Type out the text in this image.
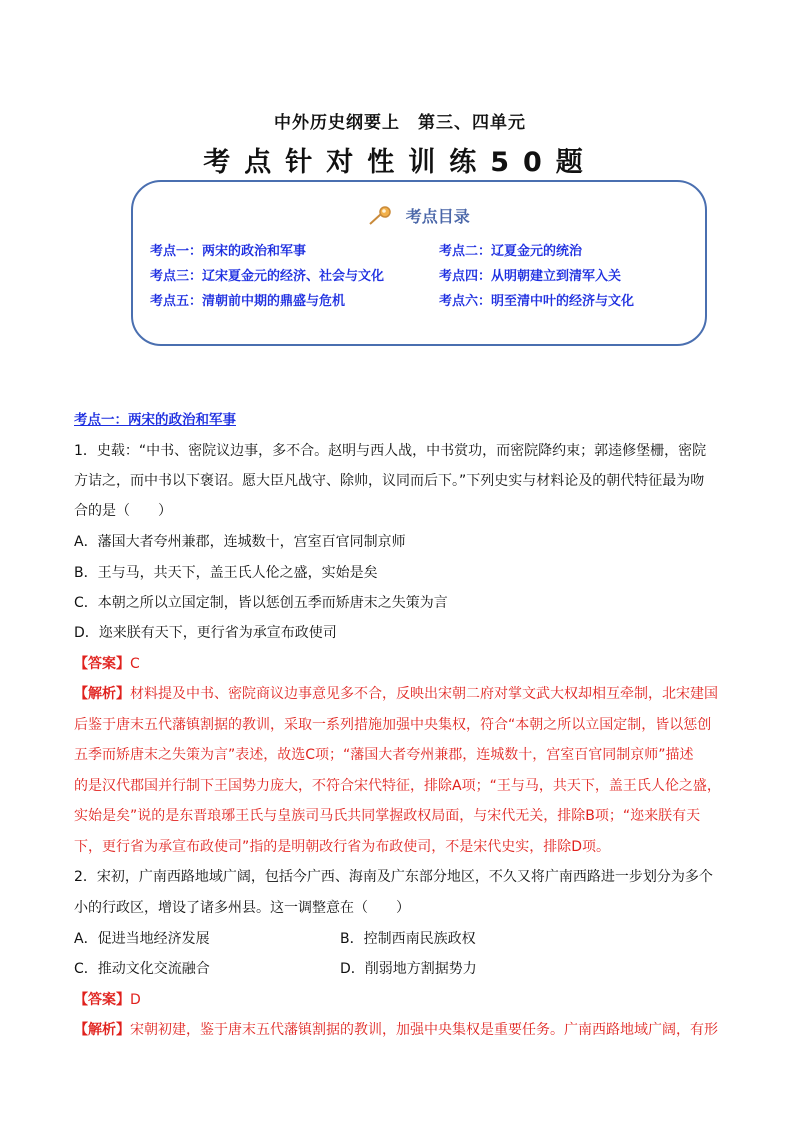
中外历史纲要上　第三、四单元
考点针对性训练50题
考点目录
考点一：两宋的政治和军事	考点二：辽夏金元的统治
考点三：辽宋夏金元的经济、社会与文化	考点四：从明朝建立到清军入关
考点五：清朝前中期的鼎盛与危机	考点六：明至清中叶的经济与文化
考点一：两宋的政治和军事
1．史载：“中书、密院议边事，多不合。赵明与西人战，中书赏功，而密院降约束；郭逵修堡栅，密院
方诘之，而中书以下褒诏。愿大臣凡战守、除帅，议同而后下。”下列史实与材料论及的朝代特征最为吻
合的是（　　）
A．藩国大者夸州兼郡，连城数十，宫室百官同制京师
B．王与马，共天下，盖王氏人伦之盛，实始是矣
C．本朝之所以立国定制，皆以惩创五季而矫唐末之失策为言
D．迩来朕有天下，更行省为承宣布政使司
【答案】C
【解析】材料提及中书、密院商议边事意见多不合，反映出宋朝二府对掌文武大权却相互牵制，北宋建国
后鉴于唐末五代藩镇割据的教训，采取一系列措施加强中央集权，符合“本朝之所以立国定制，皆以惩创
五季而矫唐末之失策为言”表述，故选C项；“藩国大者夸州兼郡，连城数十，宫室百官同制京师”描述
的是汉代郡国并行制下王国势力庞大，不符合宋代特征，排除A项；“王与马，共天下，盖王氏人伦之盛，
实始是矣”说的是东晋琅琊王氏与皇族司马氏共同掌握政权局面，与宋代无关，排除B项；“迩来朕有天
下，更行省为承宣布政使司”指的是明朝改行省为布政使司，不是宋代史实，排除D项。
2．宋初，广南西路地域广阔，包括今广西、海南及广东部分地区，不久又将广南西路进一步划分为多个
小的行政区，增设了诸多州县。这一调整意在（　　）
A．促进当地经济发展	B．控制西南民族政权
C．推动文化交流融合	D．削弱地方割据势力
【答案】D
【解析】宋朝初建，鉴于唐末五代藩镇割据的教训，加强中央集权是重要任务。广南西路地域广阔，有形
